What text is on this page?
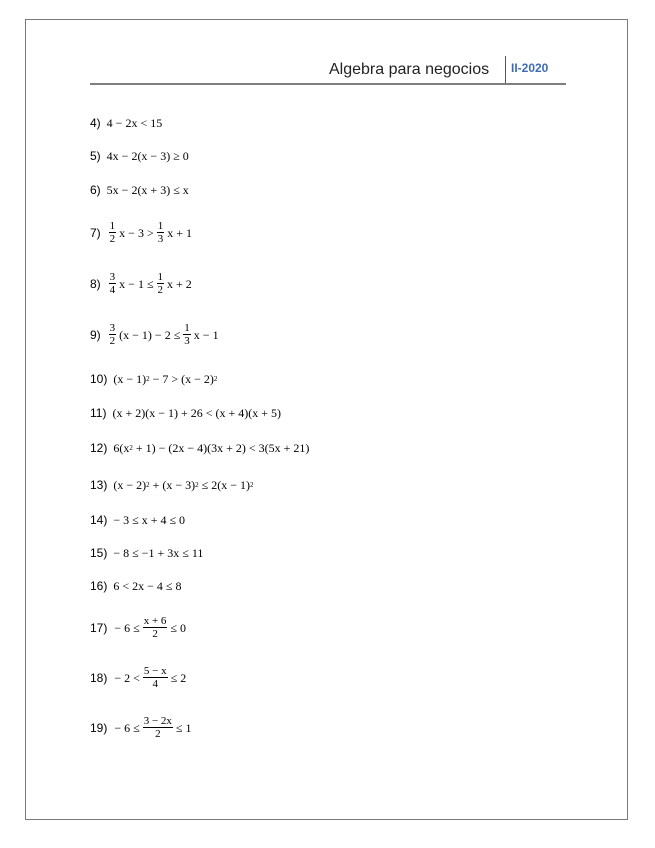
Algebra para negocios II-2020
4) 4 − 2x < 15
5) 4x − 2(x − 3) ≥ 0
6) 5x − 2(x + 3) ≤ x
$7) \frac{1}{2}$ $x - 3 > \frac{1}{3}$ x + 1
$8) \frac{3}{4}$ $x - 1 \le \frac{1}{2}$ x + 2
$9) \frac{3}{2} (x - 1) - 2 \le \frac{1}{3}$ x − 1
10) (x − 1) 2 − 7 > (x − 2) 2
11) (x + 2)(x − 1) + 26 < (x + 4)(x + 5)
12) 6(x 2 + 1) − (2x − 4)(3x + 2) < 3(5x + 21)
13) (x − 2) 2 + (x − 3) 2 ≤ 2(x − 1) 2
14) − 3 ≤ x + 4 ≤ 0
15) − 8 ≤ −1 + 3x ≤ 11
16) 6 < 2x − 4 ≤ 8
$17) - 6 \le \frac{x + 6}{2} \le 0$
$18) - 2 < \frac{5 - x}{4} \le 2$
$19) - 6 \le \frac{3 - 2x}{2} \le 1$
